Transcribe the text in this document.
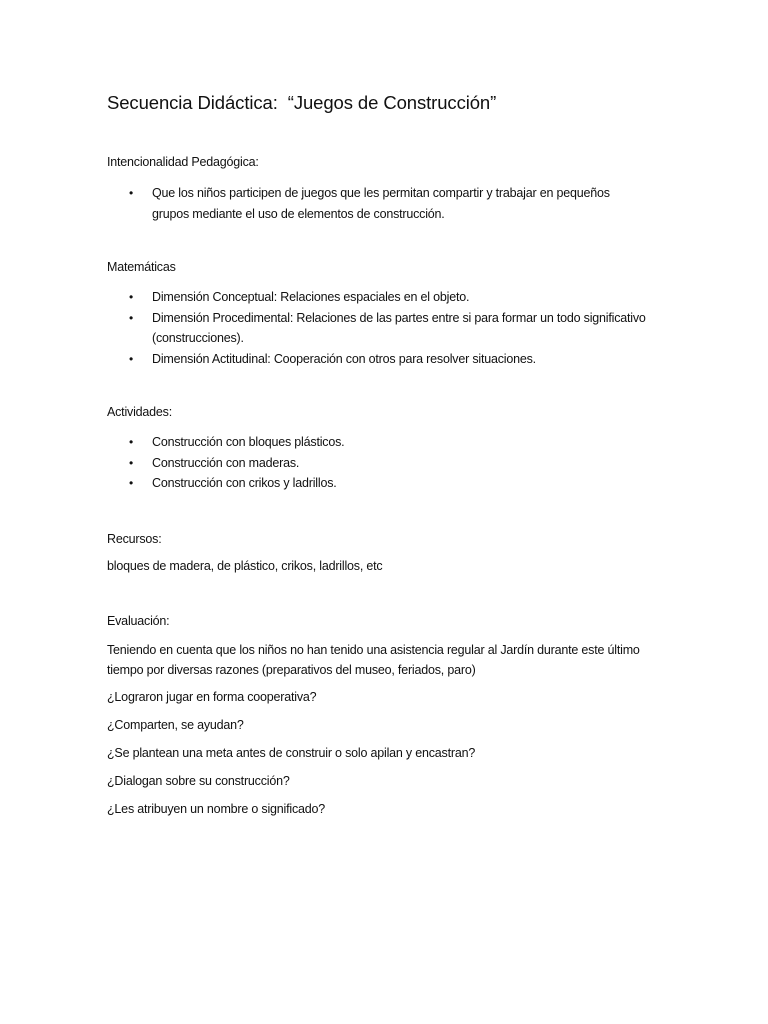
Secuencia Didáctica: “Juegos de Construcción”

Intencionalidad Pedagógica:

• Que los niños participen de juegos que les permitan compartir y trabajar en pequeños grupos mediante el uso de elementos de construcción.

Matemáticas

• Dimensión Conceptual: Relaciones espaciales en el objeto.
• Dimensión Procedimental: Relaciones de las partes entre si para formar un todo significativo (construcciones).
• Dimensión Actitudinal: Cooperación con otros para resolver situaciones.

Actividades:

• Construcción con bloques plásticos.
• Construcción con maderas.
• Construcción con crikos y ladrillos.

Recursos:

bloques de madera, de plástico, crikos, ladrillos, etc

Evaluación:

Teniendo en cuenta que los niños no han tenido una asistencia regular al Jardín durante este último tiempo por diversas razones (preparativos del museo, feriados, paro)

¿Lograron jugar en forma cooperativa?

¿Comparten, se ayudan?

¿Se plantean una meta antes de construir o solo apilan y encastran?

¿Dialogan sobre su construcción?

¿Les atribuyen un nombre o significado?
